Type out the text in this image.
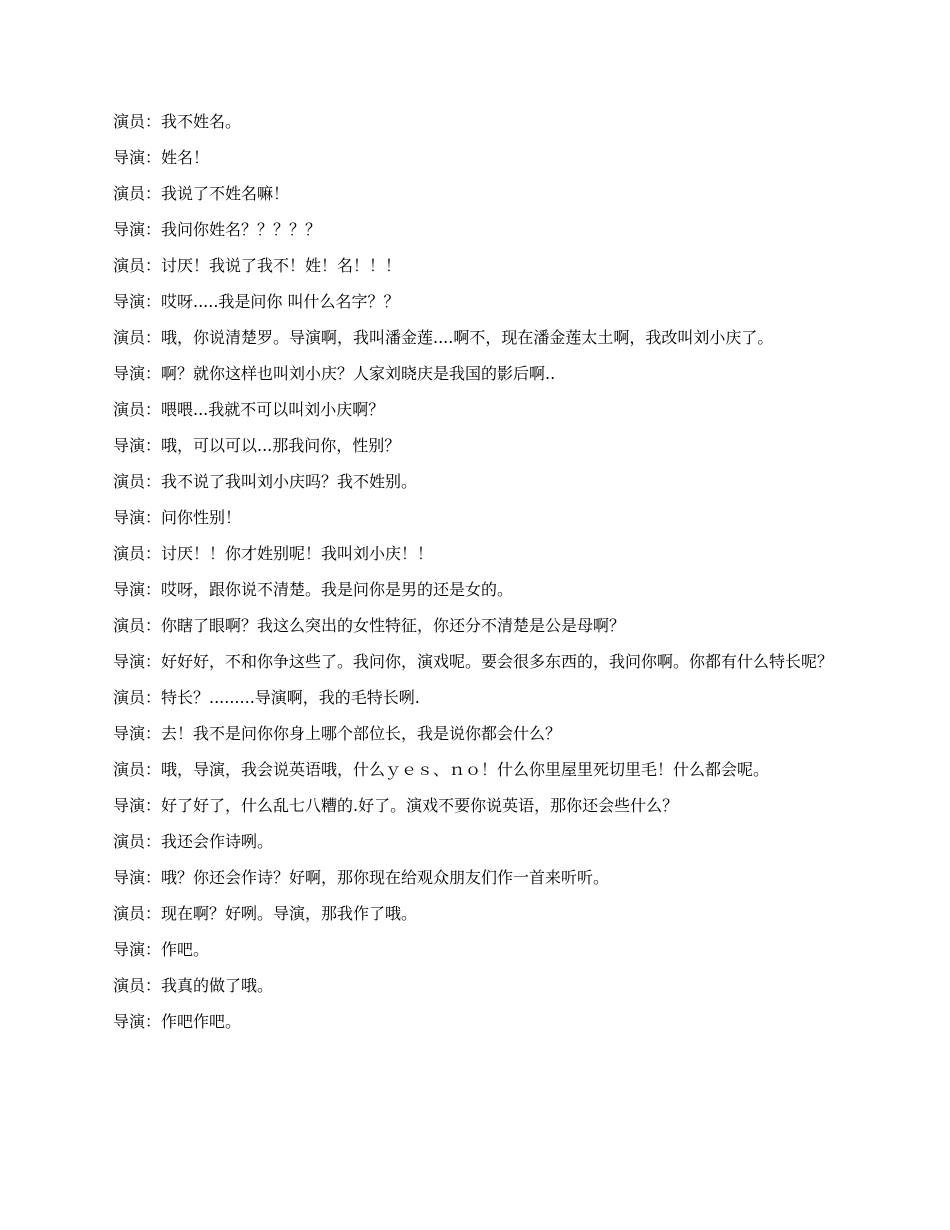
演员：我不姓名。

导演：姓名！

演员：我说了不姓名嘛！

导演：我问你姓名？？？？？

演员：讨厌！我说了我不！姓！名！！！

导演：哎呀.....我是问你 叫什么名字？？

演员：哦，你说清楚罗。导演啊，我叫潘金莲....啊不，现在潘金莲太土啊，我改叫刘小庆了。

导演：啊？就你这样也叫刘小庆？人家刘晓庆是我国的影后啊..

演员：喂喂...我就不可以叫刘小庆啊？

导演：哦，可以可以...那我问你，性别？

演员：我不说了我叫刘小庆吗？我不姓别。

导演：问你性别！

演员：讨厌！！你才姓别呢！我叫刘小庆！！

导演：哎呀，跟你说不清楚。我是问你是男的还是女的。

演员：你瞎了眼啊？我这么突出的女性特征，你还分不清楚是公是母啊？

导演：好好好，不和你争这些了。我问你，演戏呢。要会很多东西的，我问你啊。你都有什么特长呢？

演员：特长？.........导演啊，我的毛特长咧.

导演：去！我不是问你你身上哪个部位长，我是说你都会什么？

演员：哦，导演，我会说英语哦，什么ｙｅｓ、ｎｏ！什么你里屋里死切里毛！什么都会呢。

导演：好了好了，什么乱七八糟的.好了。演戏不要你说英语，那你还会些什么？

演员：我还会作诗咧。

导演：哦？你还会作诗？好啊，那你现在给观众朋友们作一首来听听。

演员：现在啊？好咧。导演，那我作了哦。

导演：作吧。

演员：我真的做了哦。

导演：作吧作吧。
